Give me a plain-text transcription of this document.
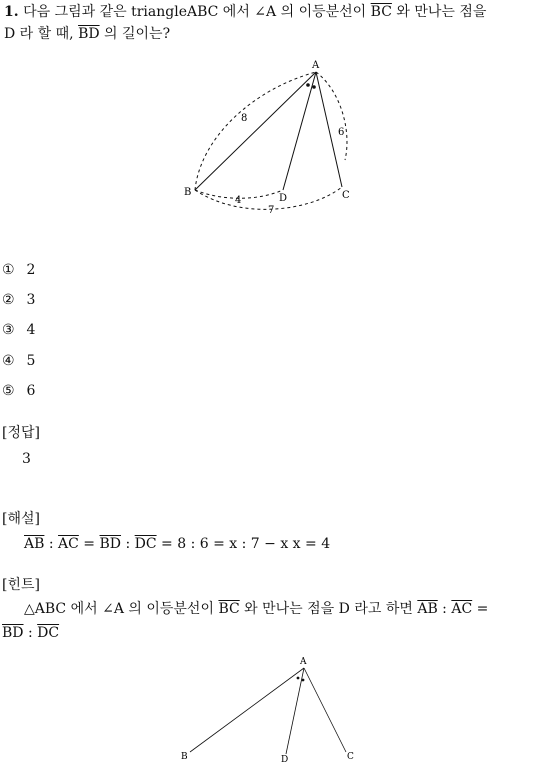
1. 다음 그림과 같은 triangleABC 에서 ∠A 의 이등분선이 $\overline{BC}$ 와 만나는 점을
D 라 할 때, $\overline{BD}$ 의 길이는?
A
B	C
D
8
6
4
7
① 2
② 3
③ 4
④ 5
⑤ 6
[정답]
3
[해설]
$\overline{AB}$ : $\overline{AC} = \overline{BD}$ : $\overline{DC} = 8$ : 6 = x : 7 − x x = 4
[힌트]
△ABC 에서 ∠A 의 이등분선이 $\overline{BC}$ 와 만나는 점을 D 라고 하면 $\overline{AB}$ : $\overline{AC}$ =
$\overline{BD}$ : $\overline{DC}$
A
B	C
D
